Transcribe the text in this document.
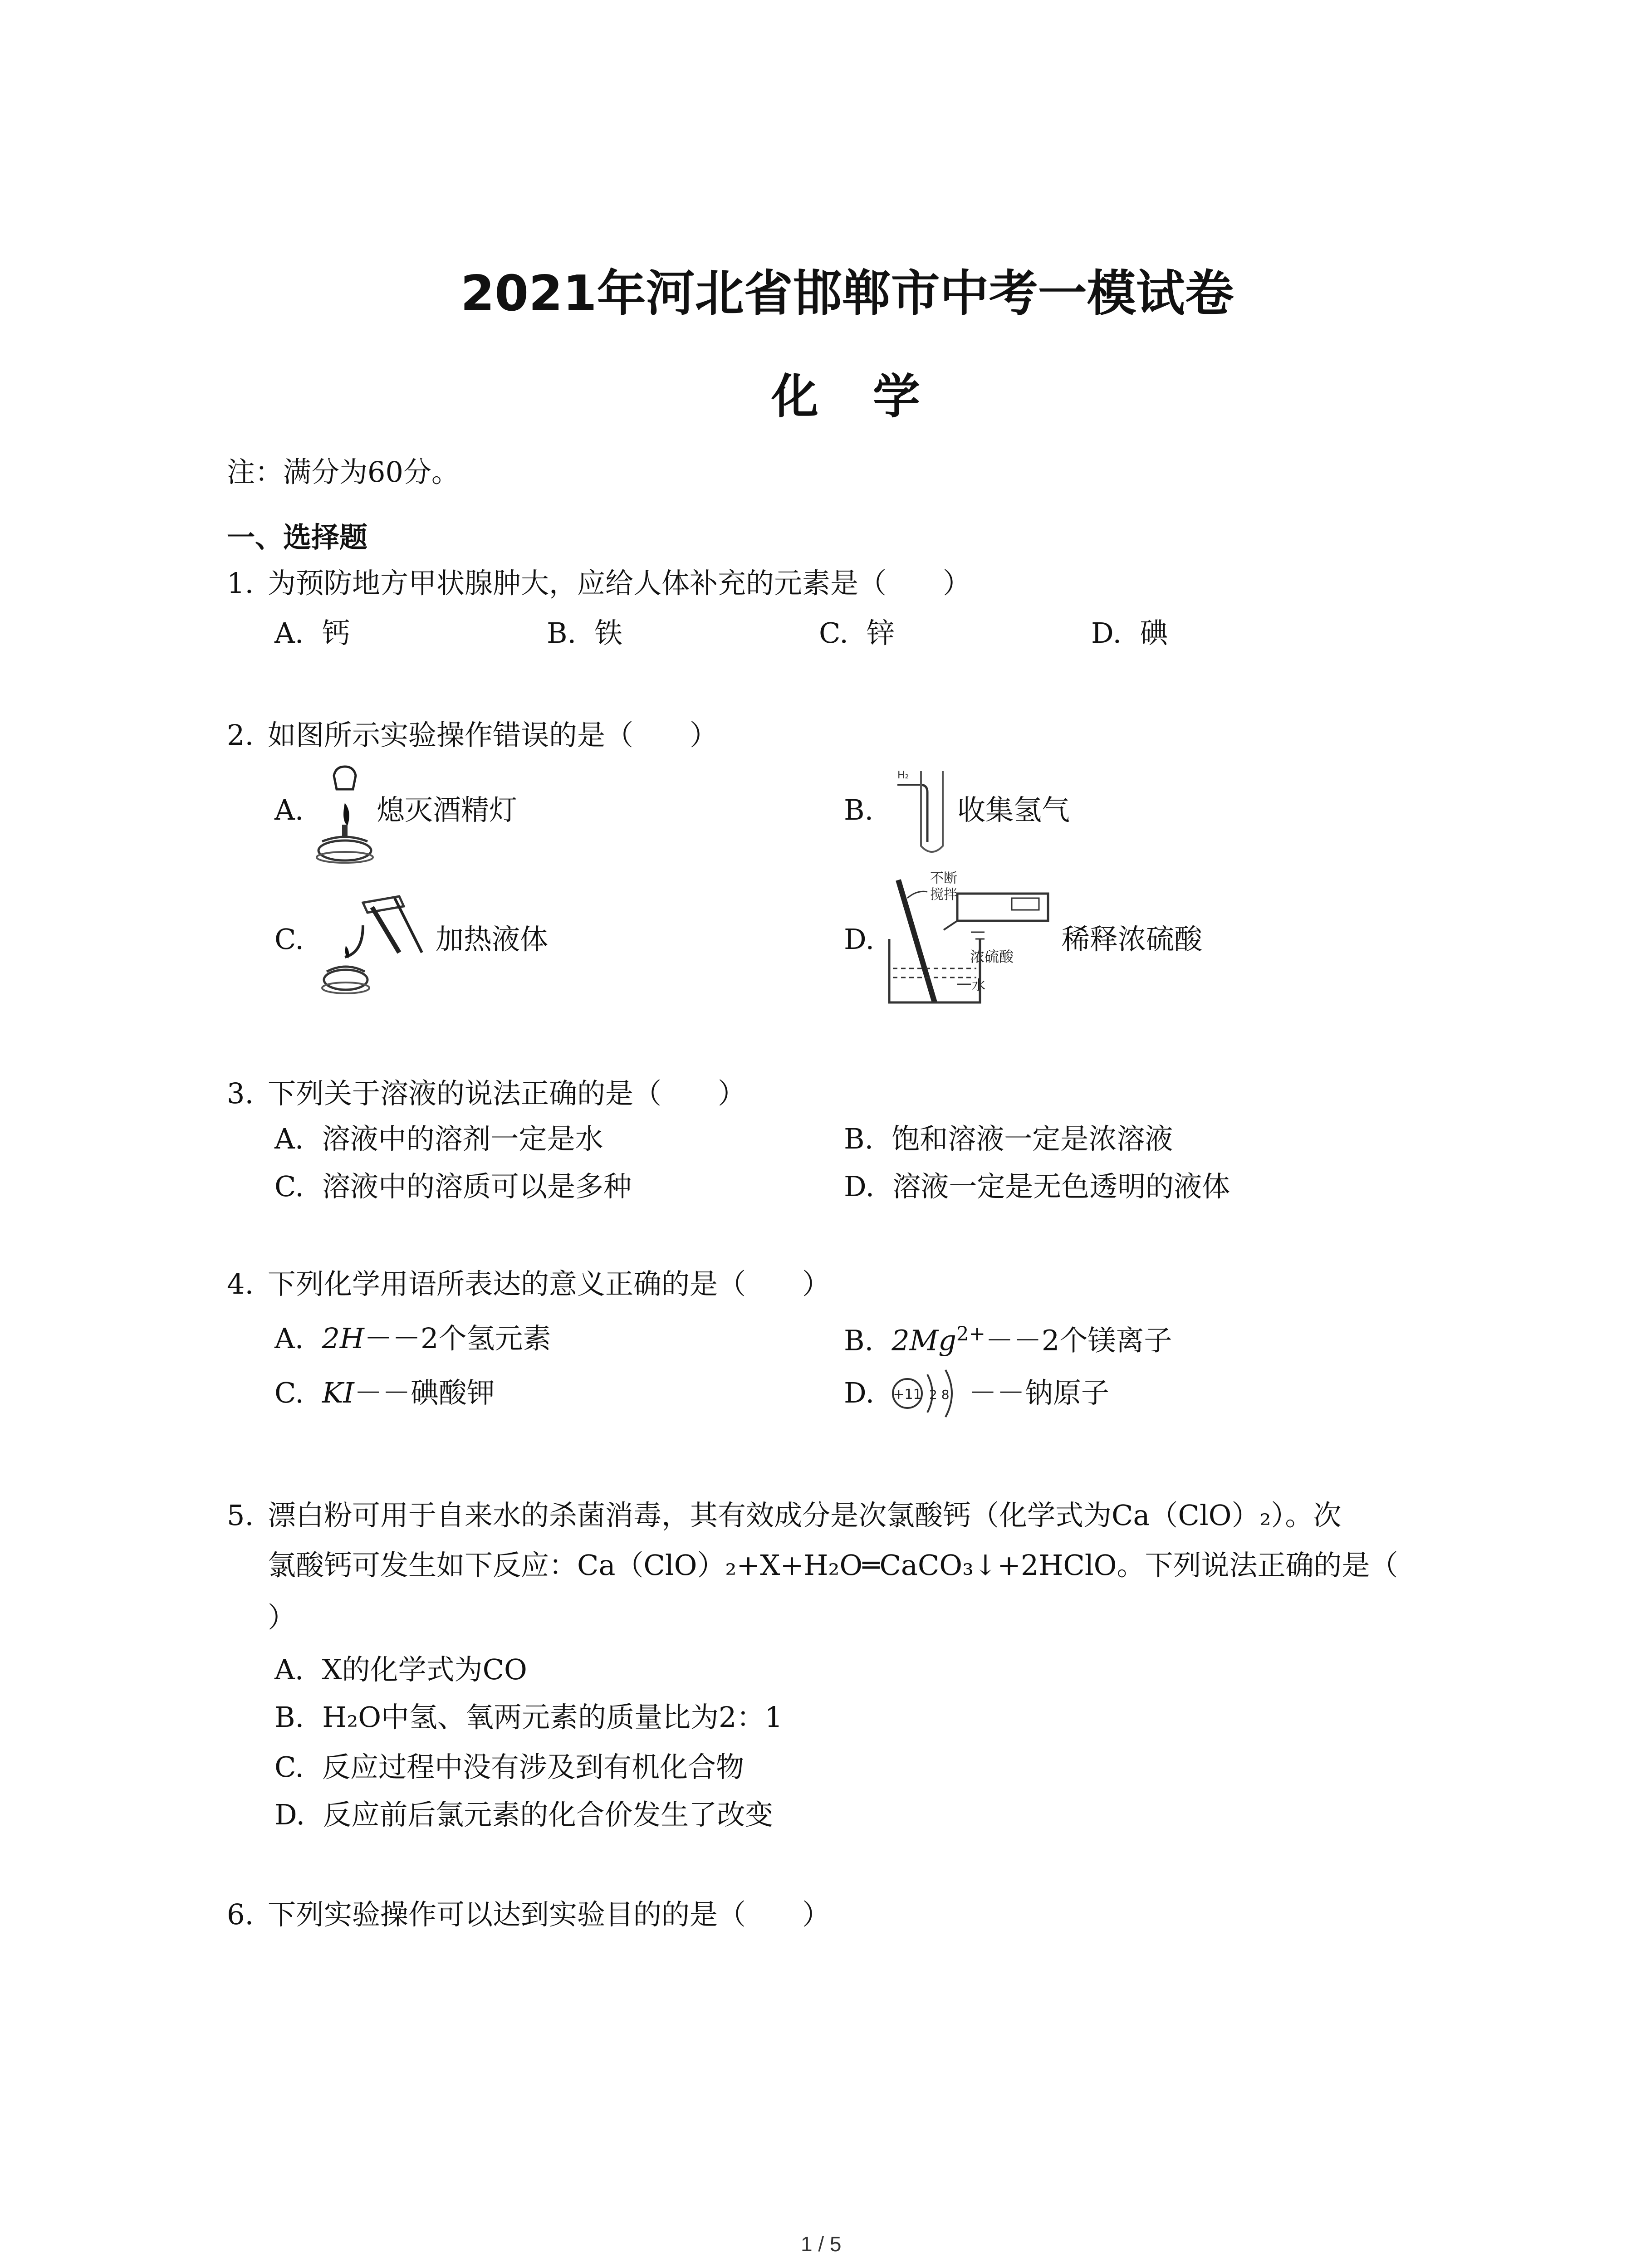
2021年河北省邯郸市中考一模试卷
化学
注：满分为60分。
一、选择题
1. 为预防地方甲状腺肿大，应给人体补充的元素是（　　）
A. 钙	B. 铁	C. 锌	D. 碘
2. 如图所示实验操作错误的是（　　）
A.	熄灭酒精灯	B.
H₂
收集氢气
C.	加热液体	D.
不断
搅拌
浓硫酸
水
稀释浓硫酸
3. 下列关于溶液的说法正确的是（　　）
A. 溶液中的溶剂一定是水	B. 饱和溶液一定是浓溶液
C. 溶液中的溶质可以是多种	D. 溶液一定是无色透明的液体
4. 下列化学用语所表达的意义正确的是（　　）
A. 2H－－2个氢元素	B. $2Mg^{2+}--2$个镁离子
C. KI－－碘酸钾	D. +11 2 8 －－钠原子
5. 漂白粉可用于自来水的杀菌消毒，其有效成分是次氯酸钙（化学式为Ca（ClO）₂）。次
氯酸钙可发生如下反应：Ca（ClO）₂+X+H₂O═CaCO₃↓+2HClO。下列说法正确的是（
）
A. X的化学式为CO
B. H₂O中氢、氧两元素的质量比为2：1
C. 反应过程中没有涉及到有机化合物
D. 反应前后氯元素的化合价发生了改变
6. 下列实验操作可以达到实验目的的是（　　）
1 / 5
